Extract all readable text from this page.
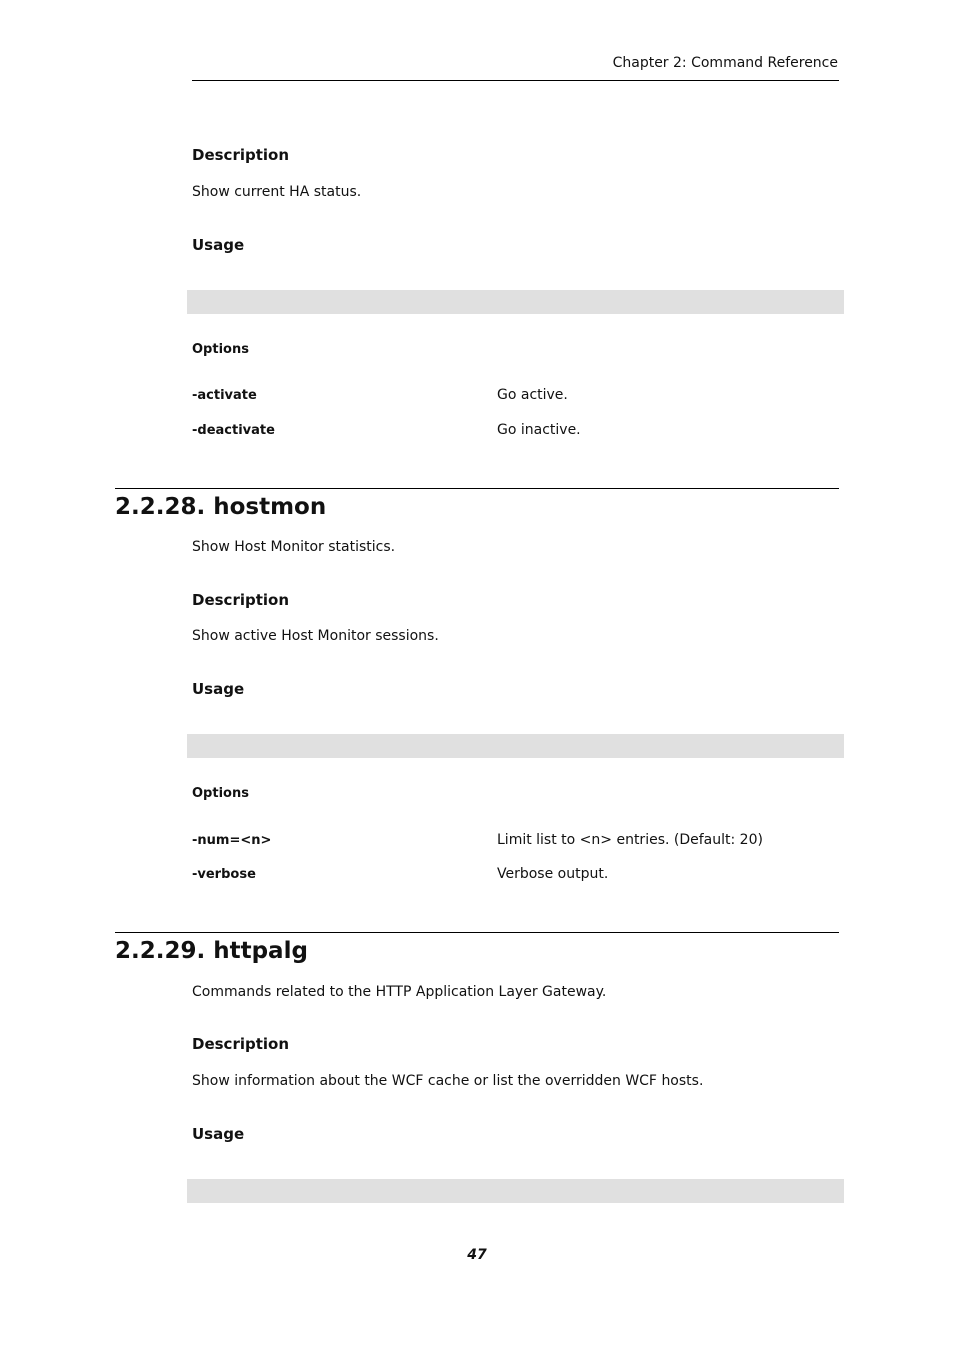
Chapter 2: Command Reference
Description
Show current HA status.
Usage
Options
-activate	Go active.
-deactivate	Go inactive.
2.2.28. hostmon
Show Host Monitor statistics.
Description
Show active Host Monitor sessions.
Usage
Options
-num=<n>	Limit list to <n> entries. (Default: 20)
-verbose	Verbose output.
2.2.29. httpalg
Commands related to the HTTP Application Layer Gateway.
Description
Show information about the WCF cache or list the overridden WCF hosts.
Usage
47
